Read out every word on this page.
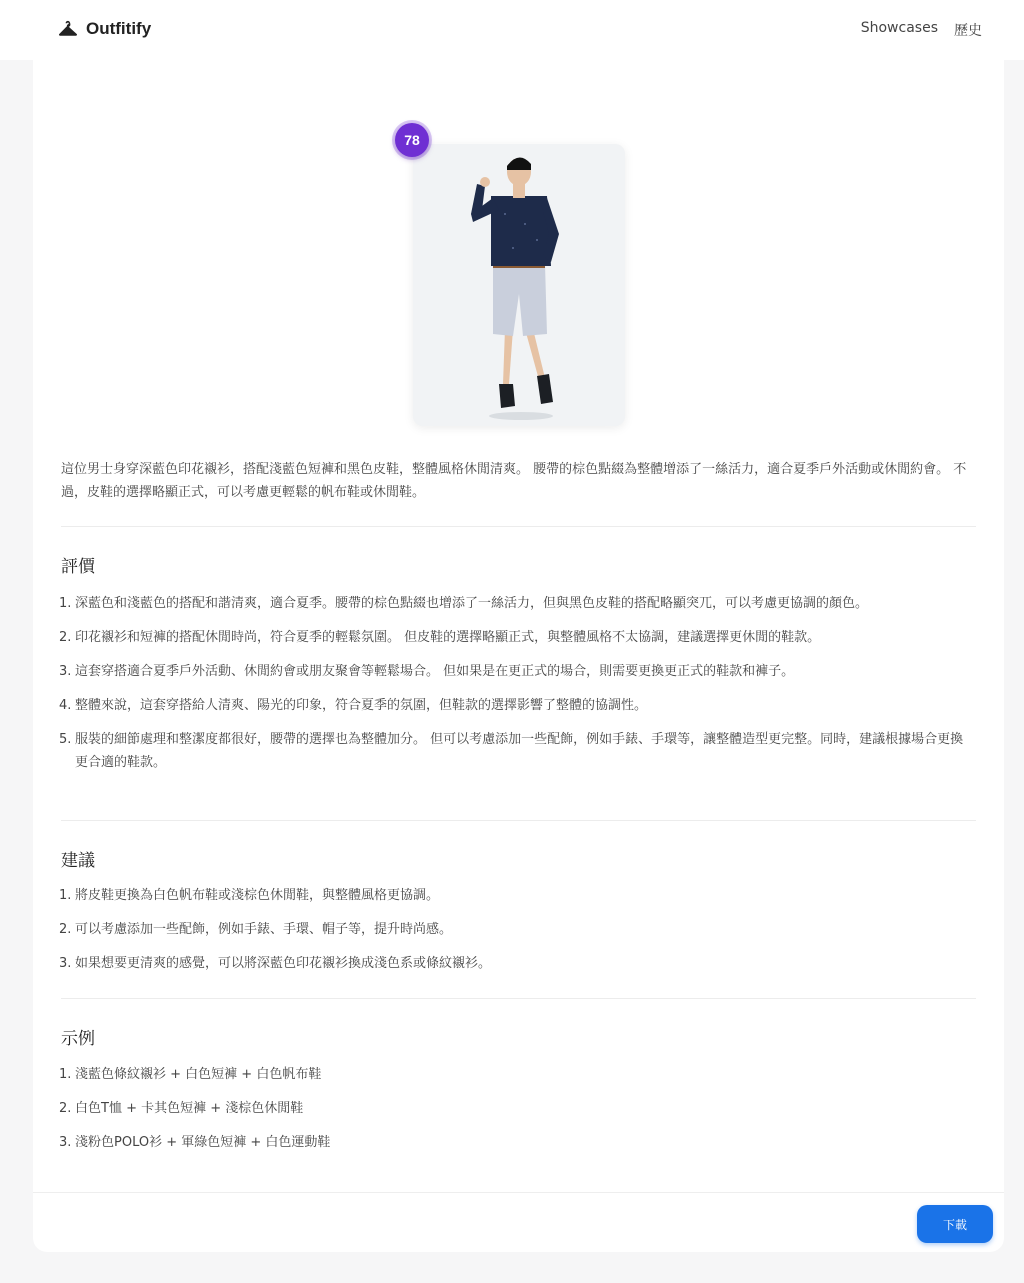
Outfitify	Showcases 歷史
78

這位男士身穿深藍色印花襯衫，搭配淺藍色短褲和黑色皮鞋，整體風格休閒清爽。 腰帶的棕色點綴為整體增添了一絲活力，適合夏季戶外活動或休閒約會。 不過，皮鞋的選擇略顯正式，可以考慮更輕鬆的帆布鞋或休閒鞋。

評價
1. 深藍色和淺藍色的搭配和諧清爽，適合夏季。腰帶的棕色點綴也增添了一絲活力，但與黑色皮鞋的搭配略顯突兀，可以考慮更協調的顏色。
2. 印花襯衫和短褲的搭配休閒時尚，符合夏季的輕鬆氛圍。 但皮鞋的選擇略顯正式，與整體風格不太協調，建議選擇更休閒的鞋款。
3. 這套穿搭適合夏季戶外活動、休閒約會或朋友聚會等輕鬆場合。 但如果是在更正式的場合，則需要更換更正式的鞋款和褲子。
4. 整體來說，這套穿搭給人清爽、陽光的印象，符合夏季的氛圍，但鞋款的選擇影響了整體的協調性。
5. 服裝的細節處理和整潔度都很好，腰帶的選擇也為整體加分。 但可以考慮添加一些配飾，例如手錶、手環等，讓整體造型更完整。同時，建議根據場合更換更合適的鞋款。
建議
1. 將皮鞋更換為白色帆布鞋或淺棕色休閒鞋，與整體風格更協調。
2. 可以考慮添加一些配飾，例如手錶、手環、帽子等，提升時尚感。
3. 如果想要更清爽的感覺，可以將深藍色印花襯衫換成淺色系或條紋襯衫。
示例
1. 淺藍色條紋襯衫 + 白色短褲 + 白色帆布鞋
2. 白色T恤 + 卡其色短褲 + 淺棕色休閒鞋
3. 淺粉色POLO衫 + 軍綠色短褲 + 白色運動鞋
下載
